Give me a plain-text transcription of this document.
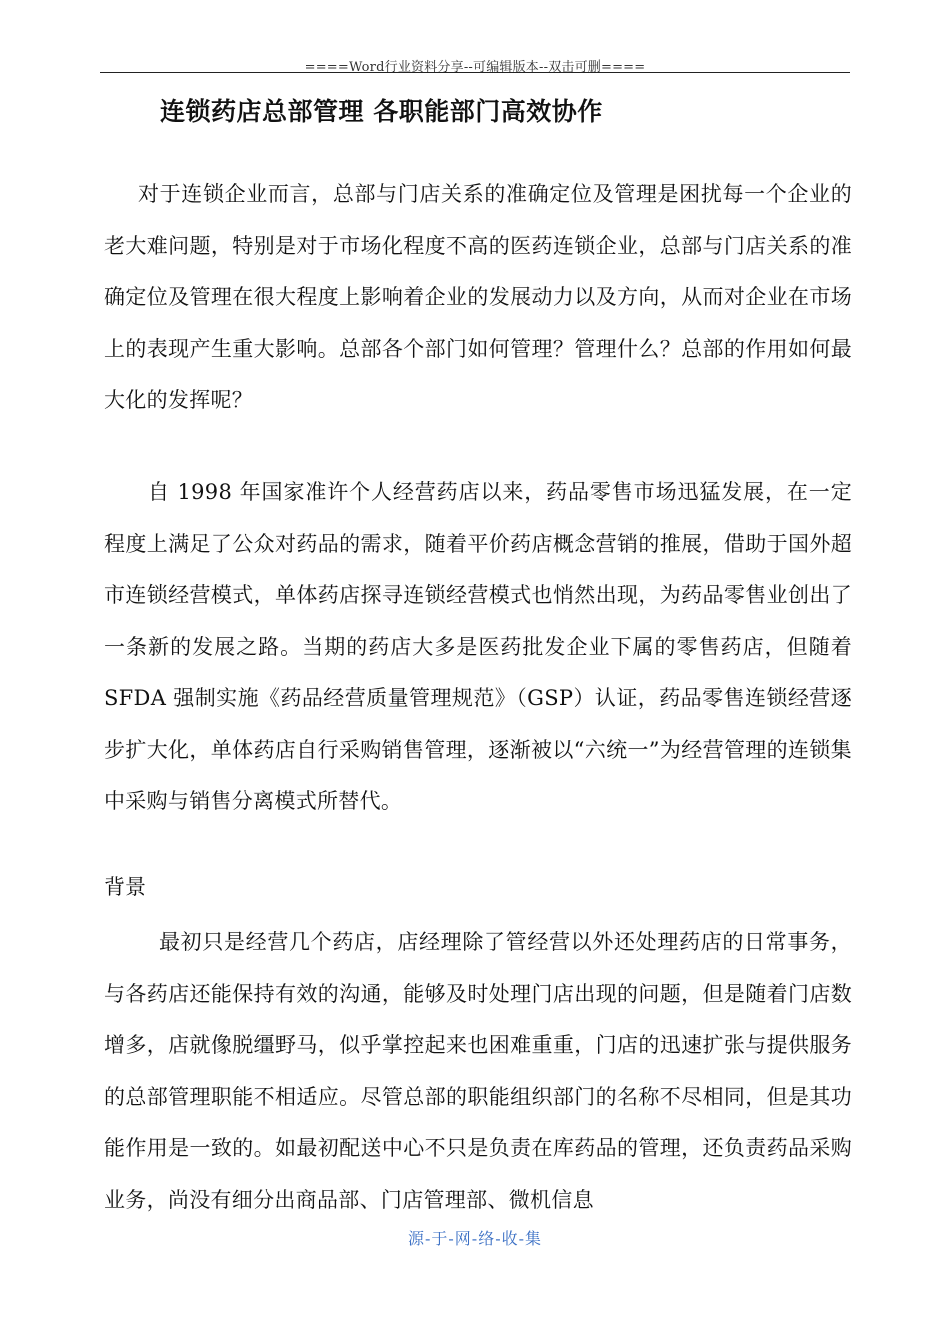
====Word行业资料分享--可编辑版本--双击可删====
连锁药店总部管理 各职能部门高效协作

对于连锁企业而言，总部与门店关系的准确定位及管理是困扰每一个企业的老大难问题，特别是对于市场化程度不高的医药连锁企业，总部与门店关系的准确定位及管理在很大程度上影响着企业的发展动力以及方向，从而对企业在市场上的表现产生重大影响。总部各个部门如何管理？管理什么？总部的作用如何最大化的发挥呢？

自 1998 年国家准许个人经营药店以来，药品零售市场迅猛发展，在一定程度上满足了公众对药品的需求，随着平价药店概念营销的推展，借助于国外超市连锁经营模式，单体药店探寻连锁经营模式也悄然出现，为药品零售业创出了一条新的发展之路。当期的药店大多是医药批发企业下属的零售药店，但随着 SFDA 强制实施《药品经营质量管理规范》（GSP）认证，药品零售连锁经营逐步扩大化，单体药店自行采购销售管理，逐渐被以“六统一”为经营管理的连锁集中采购与销售分离模式所替代。

背景

最初只是经营几个药店，店经理除了管经营以外还处理药店的日常事务，与各药店还能保持有效的沟通，能够及时处理门店出现的问题，但是随着门店数增多，店就像脱缰野马，似乎掌控起来也困难重重，门店的迅速扩张与提供服务的总部管理职能不相适应。尽管总部的职能组织部门的名称不尽相同，但是其功能作用是一致的。如最初配送中心不只是负责在库药品的管理，还负责药品采购业务，尚没有细分出商品部、门店管理部、微机信息

源-于-网-络-收-集
